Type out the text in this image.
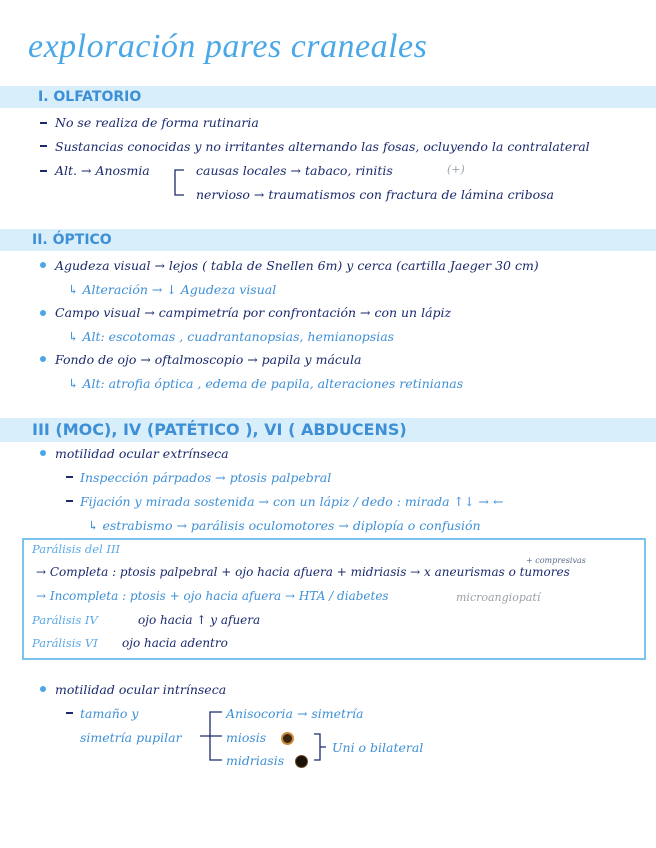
exploración pares craneales
I. OLFATORIO
No se realiza de forma rutinaria
Sustancias conocidas y no irritantes alternando las fosas, ocluyendo la contralateral
Alt. → Anosmia	causas locales → tabaco, rinitis	(+)
nervioso → traumatismos con fractura de lámina cribosa
II. ÓPTICO
Agudeza visual → lejos ( tabla de Snellen 6m) y cerca (cartilla Jaeger 30 cm)
↳ Alteración → ↓ Agudeza visual
Campo visual → campimetría por confrontación → con un lápiz
↳ Alt: escotomas , cuadrantanopsias, hemianopsias
Fondo de ojo → oftalmoscopio → papila y mácula
↳ Alt: atrofia óptica , edema de papila, alteraciones retinianas
III (MOC), IV (PATÉTICO ), VI ( ABDUCENS)
motilidad ocular extrínseca
Inspección párpados → ptosis palpebral
Fijación y mirada sostenida → con un lápiz / dedo : mirada ↑↓ → ←
↳ estrabismo → parálisis oculomotores → diplopía o confusión
Parálisis del III
+ compresivas
→ Completa : ptosis palpebral + ojo hacia afuera + midriasis → x aneurismas o tumores
→ Incompleta : ptosis + ojo hacia afuera → HTA / diabetes	microangiopatí
Parálisis IV	ojo hacia ↑ y afuera
Parálisis VI ojo hacia adentro
motilidad ocular intrínseca
tamaño y
simetría pupilar
Anisocoria → simetría
miosis
midriasis
Uni o bilateral
